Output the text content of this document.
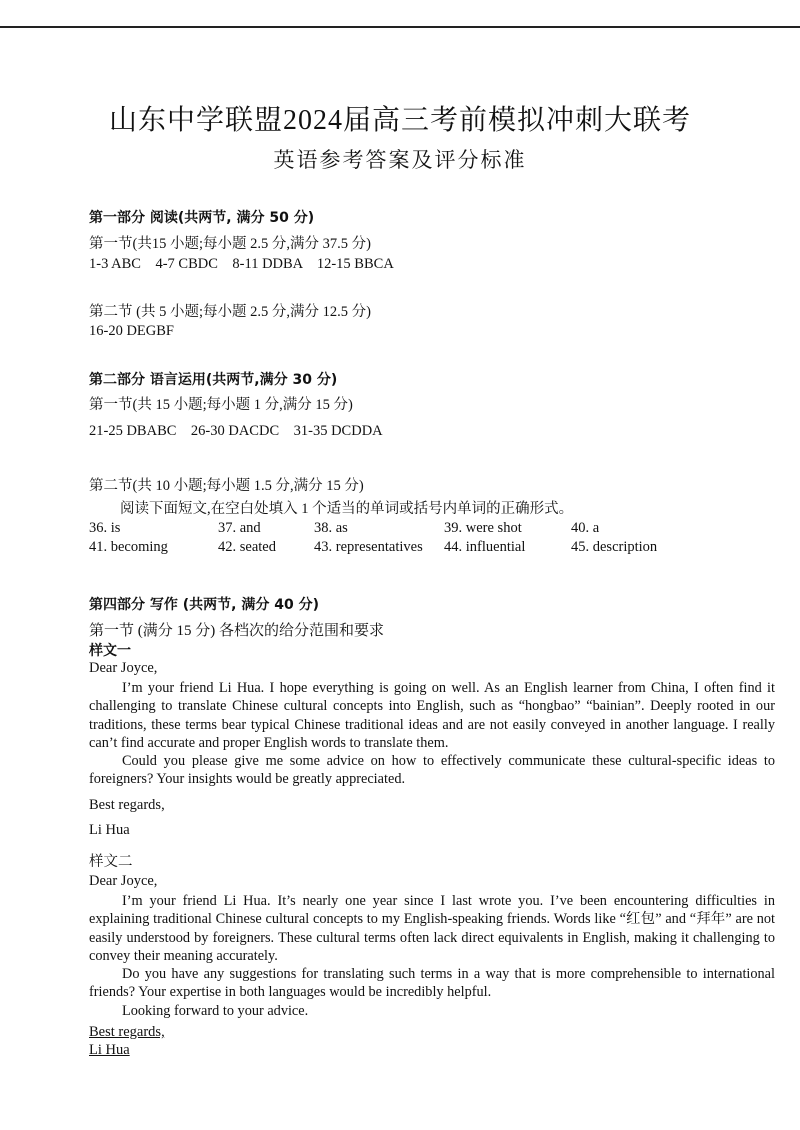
山东中学联盟2024届高三考前模拟冲刺大联考
英语参考答案及评分标准
第一部分 阅读(共两节, 满分 50 分)
第一节(共15 小题;每小题 2.5 分,满分 37.5 分)
1-3 ABC    4-7 CBDC    8-11 DDBA    12-15 BBCA
第二节 (共 5 小题;每小题 2.5 分,满分 12.5 分)
16-20 DEGBF
第二部分 语言运用(共两节,满分 30 分)
第一节(共 15 小题;每小题 1 分,满分 15 分)
21-25 DBABC    26-30 DACDC    31-35 DCDDA
第二节(共 10 小题;每小题 1.5 分,满分 15 分)
阅读下面短文,在空白处填入 1 个适当的单词或括号内单词的正确形式。
36. is	37. and	38. as	39. were shot	40. a
41. becoming	42. seated	43. representatives 44. influential	45. description
第四部分 写作 (共两节, 满分 40 分)
第一节 (满分 15 分) 各档次的给分范围和要求
样文一
Dear Joyce,

I’m your friend Li Hua. I hope everything is going on well. As an English learner from China, I often find it challenging to translate Chinese cultural concepts into English, such as “hongbao” “bainian”. Deeply rooted in our traditions, these terms bear typical Chinese traditional ideas and are not easily conveyed in another language. I really can’t find accurate and proper English words to translate them.

Could you please give me some advice on how to effectively communicate these cultural-specific ideas to foreigners? Your insights would be greatly appreciated.

Best regards,
Li Hua
样文二
Dear Joyce,

I’m your friend Li Hua. It’s nearly one year since I last wrote you. I’ve been encountering difficulties in explaining traditional Chinese cultural concepts to my English-speaking friends. Words like “红包” and “拜年” are not easily understood by foreigners. These cultural terms often lack direct equivalents in English, making it challenging to convey their meaning accurately.

Do you have any suggestions for translating such terms in a way that is more comprehensible to international friends? Your expertise in both languages would be incredibly helpful.

Looking forward to your advice.

Best regards,
Li Hua
